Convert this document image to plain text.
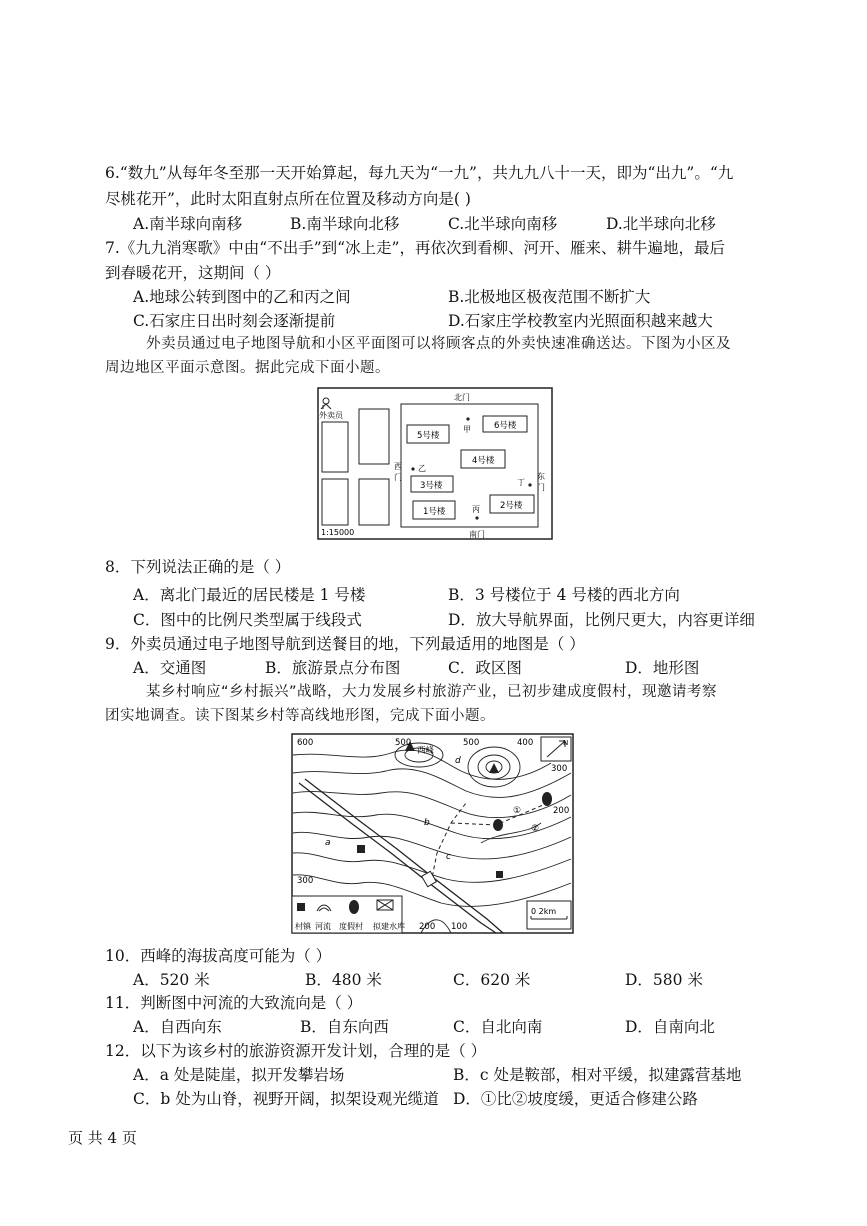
6.“数九”从每年冬至那一天开始算起，每九天为“一九”，共九九八十一天，即为“出九”。“九
尽桃花开”，此时太阳直射点所在位置及移动方向是( )
A.南半球向南移	B.南半球向北移	C.北半球向南移	D.北半球向北移
7.《九九消寒歌》中由“不出手”到“冰上走”，再依次到看柳、河开、雁来、耕牛遍地，最后
到春暖花开，这期间（ ）
A.地球公转到图中的乙和丙之间	B.北极地区极夜范围不断扩大
C.石家庄日出时刻会逐渐提前	D.石家庄学校教室内光照面积越来越大
外卖员通过电子地图导航和小区平面图可以将顾客点的外卖快速准确送达。下图为小区及
周边地区平面示意图。据此完成下面小题。
外卖员
北门
南门
西
门	东
门
5号楼
6号楼
4号楼
3号楼
1号楼
2号楼
甲
乙
丙
丁
1:15000
8．下列说法正确的是（ ）
A．离北门最近的居民楼是 1 号楼	B．3 号楼位于 4 号楼的西北方向
C．图中的比例尺类型属于线段式	D．放大导航界面，比例尺更大，内容更详细
9．外卖员通过电子地图导航到送餐目的地，下列最适用的地图是（ ）
A．交通图	B．旅游景点分布图	C．政区图	D．地形图
某乡村响应“乡村振兴”战略，大力发展乡村旅游产业，已初步建成度假村，现邀请考察
团实地调查。读下图某乡村等高线地形图，完成下面小题。
西峰
600	500	500	400
300
200
300
200 100
a
b
c
d
①
②
N
0 2km
村镇 河流 度假村 拟建水库
10．西峰的海拔高度可能为（ ）
A．520 米	B．480 米	C．620 米	D．580 米
11．判断图中河流的大致流向是（ ）
A．自西向东	B．自东向西	C．自北向南	D．自南向北
12．以下为该乡村的旅游资源开发计划，合理的是（ ）
A．a 处是陡崖，拟开发攀岩场	B．c 处是鞍部，相对平缓，拟建露营基地
C．b 处为山脊，视野开阔，拟架设观光缆道 D．①比②坡度缓，更适合修建公路
页 共 4 页
